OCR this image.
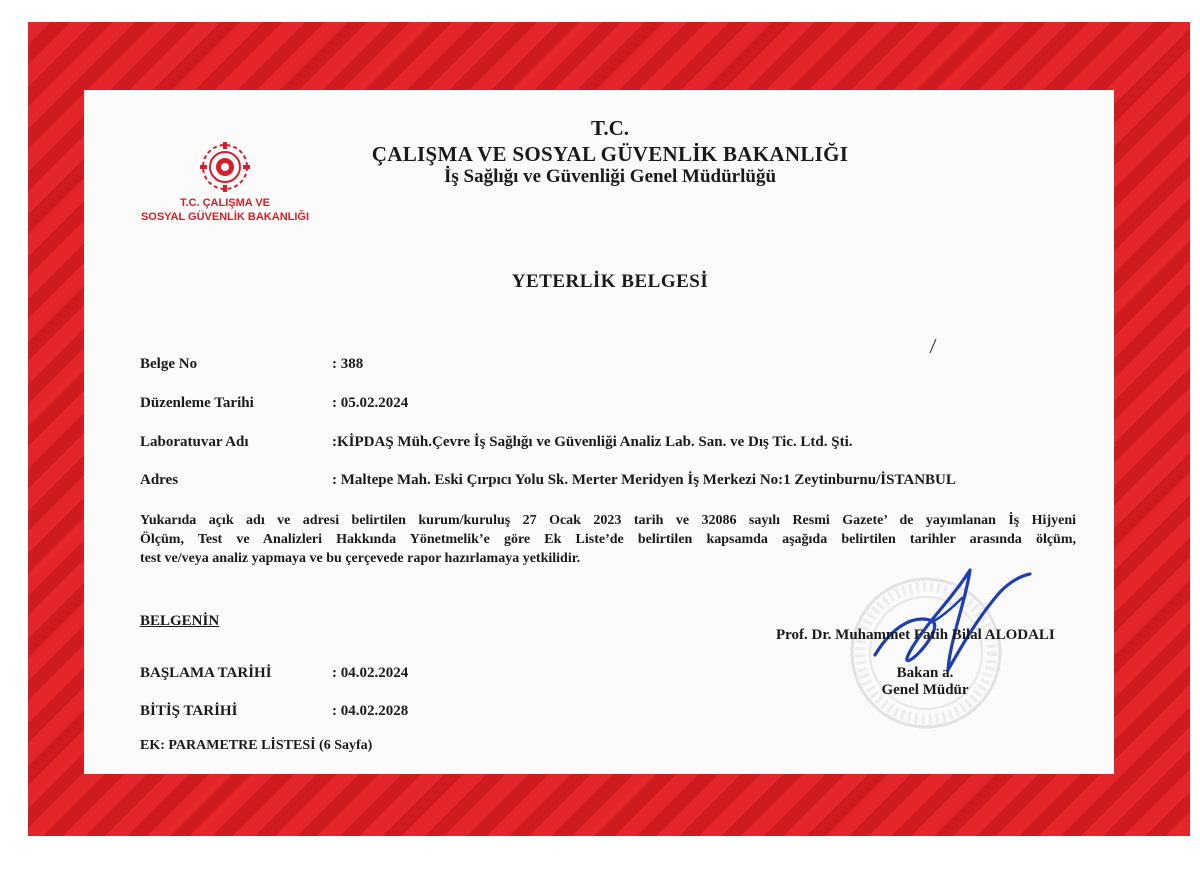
T.C. ÇALIŞMA VE
SOSYAL GÜVENLİK BAKANLIĞI
T.C.
ÇALIŞMA VE SOSYAL GÜVENLİK BAKANLIĞI
İş Sağlığı ve Güvenliği Genel Müdürlüğü
YETERLİK BELGESİ
Belge No	: 388
Düzenleme Tarihi	: 05.02.2024
Laboratuvar Adı	:KİPDAŞ Müh.Çevre İş Sağlığı ve Güvenliği Analiz Lab. San. ve Dış Tic. Ltd. Şti.
Adres	: Maltepe Mah. Eski Çırpıcı Yolu Sk. Merter Meridyen İş Merkezi No:1 Zeytinburnu/İSTANBUL
Yukarıda açık adı ve adresi belirtilen kurum/kuruluş 27 Ocak 2023 tarih ve 32086 sayılı Resmi Gazete’ de yayımlanan İş Hijyeni
Ölçüm, Test ve Analizleri Hakkında Yönetmelik’e göre Ek Liste’de belirtilen kapsamda aşağıda belirtilen tarihler arasında ölçüm,
test ve/veya analiz yapmaya ve bu çerçevede rapor hazırlamaya yetkilidir.
BELGENİN
BAŞLAMA TARİHİ	: 04.02.2024
BİTİŞ TARİHİ	: 04.02.2028
EK: PARAMETRE LİSTESİ (6 Sayfa)
Prof. Dr. Muhammet Fatih Bilal ALODALI
Bakan a.
Genel Müdür
